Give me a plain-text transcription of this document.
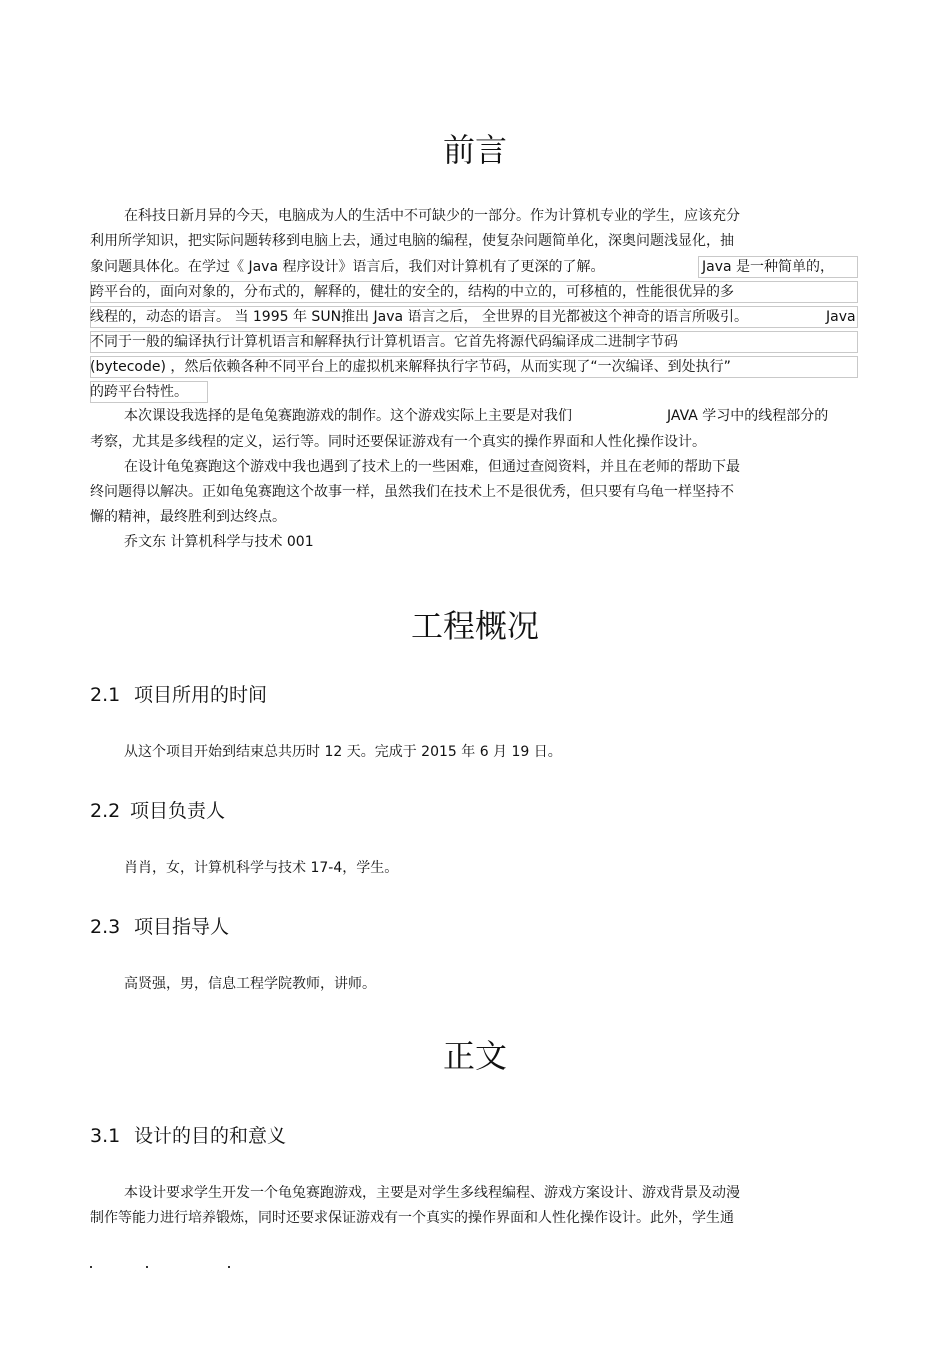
前言
在科技日新月异的今天，电脑成为人的生活中不可缺少的一部分。作为计算机专业的学生，应该充分
利用所学知识，把实际问题转移到电脑上去，通过电脑的编程，使复杂问题简单化，深奥问题浅显化，抽
象问题具体化。在学过《 Java 程序设计》语言后，我们对计算机有了更深的了解。	Java 是一种简单的，
跨平台的，面向对象的，分布式的，解释的，健壮的安全的，结构的中立的，可移植的，性能很优异的多
线程的，动态的语言。 当 1995 年 SUN推出 Java 语言之后， 全世界的目光都被这个神奇的语言所吸引。	Java
不同于一般的编译执行计算机语言和解释执行计算机语言。它首先将源代码编译成二进制字节码
(bytecode) ，然后依赖各种不同平台上的虚拟机来解释执行字节码，从而实现了“一次编译、到处执行”
的跨平台特性。
本次课设我选择的是龟兔赛跑游戏的制作。这个游戏实际上主要是对我们	JAVA 学习中的线程部分的
考察，尤其是多线程的定义，运行等。同时还要保证游戏有一个真实的操作界面和人性化操作设计。
在设计龟兔赛跑这个游戏中我也遇到了技术上的一些困难，但通过查阅资料，并且在老师的帮助下最
终问题得以解决。正如龟兔赛跑这个故事一样，虽然我们在技术上不是很优秀，但只要有乌龟一样坚持不
懈的精神，最终胜利到达终点。
乔文东 计算机科学与技术 001
工程概况
2.1 项目所用的时间
从这个项目开始到结束总共历时 12 天。完成于 2015 年 6 月 19 日。
2.2 项目负责人
肖肖，女，计算机科学与技术 17-4，学生。
2.3 项目指导人
高贤强，男，信息工程学院教师，讲师。
正文
3.1 设计的目的和意义
本设计要求学生开发一个龟兔赛跑游戏，主要是对学生多线程编程、游戏方案设计、游戏背景及动漫
制作等能力进行培养锻炼，同时还要求保证游戏有一个真实的操作界面和人性化操作设计。此外，学生通
